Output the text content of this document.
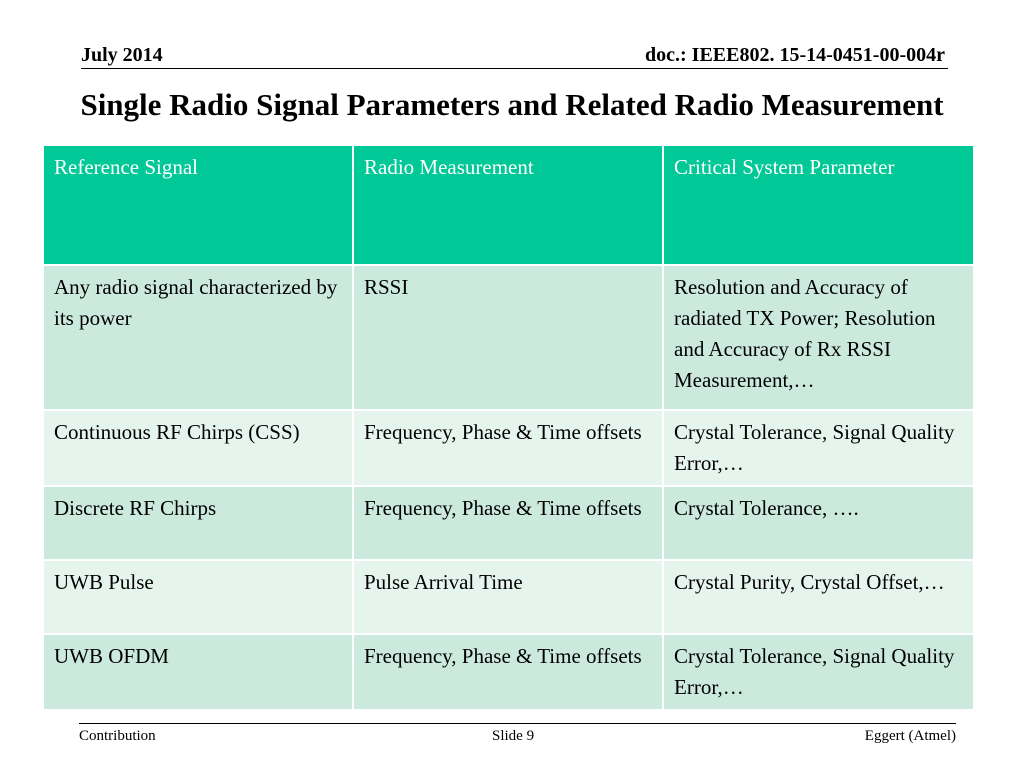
July 2014	doc.: IEEE802. 15-14-0451-00-004r
Single Radio Signal Parameters and Related Radio Measurement
Reference Signal	Radio Measurement	Critical System Parameter
Any radio signal characterized by its power	RSSI	Resolution and Accuracy of radiated TX Power; Resolution and Accuracy of Rx RSSI Measurement,…
Continuous RF Chirps (CSS)	Frequency, Phase & Time offsets	Crystal Tolerance, Signal Quality Error,…
Discrete RF Chirps	Frequency, Phase & Time offsets	Crystal Tolerance, ….
UWB Pulse	Pulse Arrival Time	Crystal Purity, Crystal Offset,…
UWB OFDM	Frequency, Phase & Time offsets	Crystal Tolerance, Signal Quality Error,…
Contribution	Slide 9	Eggert (Atmel)
